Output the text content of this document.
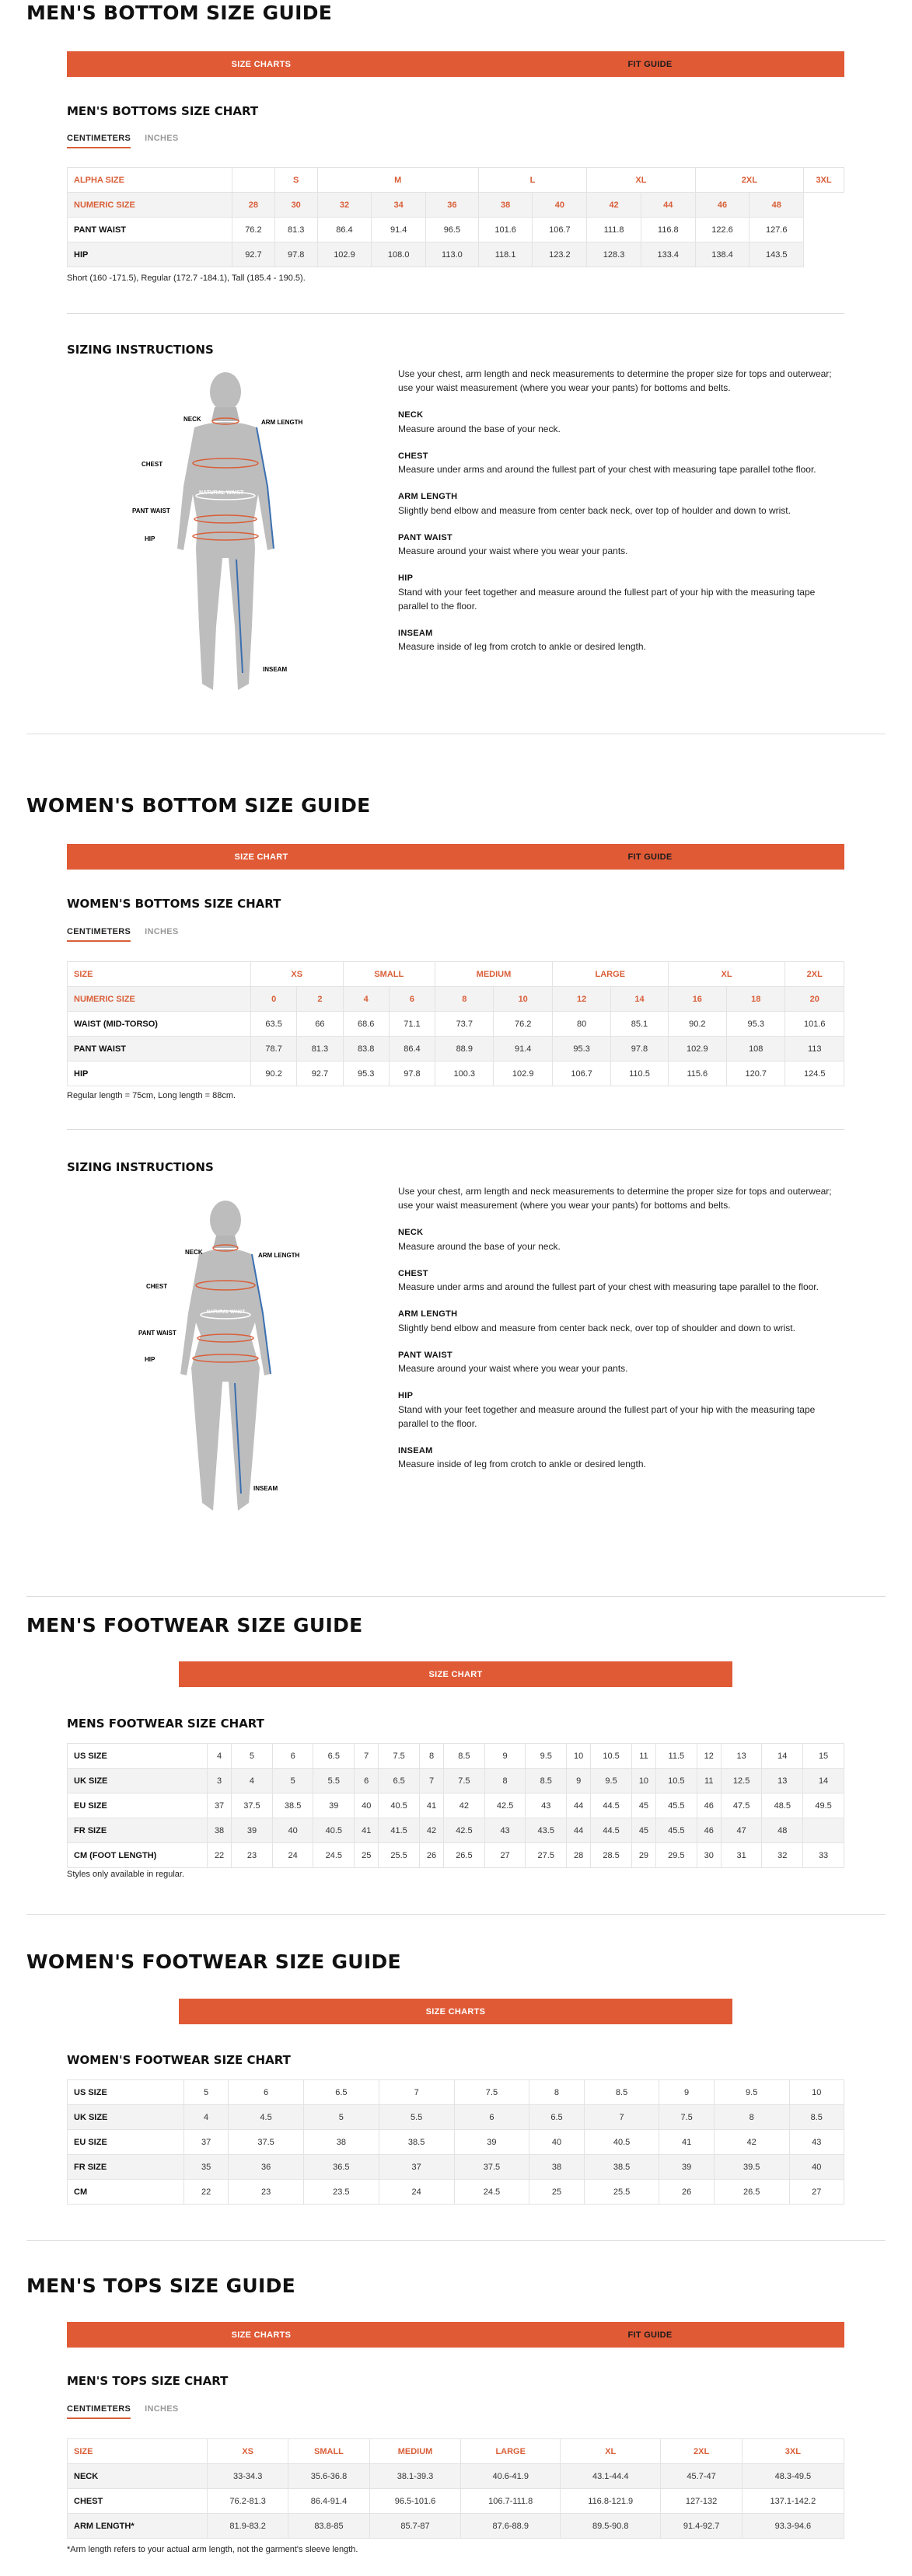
MEN'S BOTTOM SIZE GUIDE
SIZE CHARTS	FIT GUIDE
MEN'S BOTTOMS SIZE CHART
CENTIMETERS INCHES
ALPHA SIZE		S	M			L		XL		2XL		3XL
NUMERIC SIZE	28	30	32	34	36	38	40	42	44	46	48	
PANT WAIST	76.2	81.3	86.4	91.4	96.5	101.6	106.7	111.8	116.8	122.6	127.6	
HIP	92.7	97.8	102.9	108.0	113.0	118.1	123.2	128.3	133.4	138.4	143.5	
Short (160 -171.5), Regular (172.7 -184.1), Tall (185.4 - 190.5).
SIZING INSTRUCTIONS
NECK	ARM LENGTH
CHEST
NATURAL WAIST
PANT WAIST
HIP
INSEAM
Use your chest, arm length and neck measurements to determine the proper size for tops and outerwear; use your waist measurement (where you wear your pants) for bottoms and belts.
NECK
Measure around the base of your neck.
CHEST
Measure under arms and around the fullest part of your chest with measuring tape parallel tothe floor.
ARM LENGTH
Slightly bend elbow and measure from center back neck, over top of houlder and down to wrist.
PANT WAIST
Measure around your waist where you wear your pants.
HIP
Stand with your feet together and measure around the fullest part of your hip with the measuring tape parallel to the floor.
INSEAM
Measure inside of leg from crotch to ankle or desired length.
WOMEN'S BOTTOM SIZE GUIDE
SIZE CHART	FIT GUIDE
WOMEN'S BOTTOMS SIZE CHART
CENTIMETERS INCHES
SIZE	XS		SMALL		MEDIUM		LARGE		XL		2XL
NUMERIC SIZE	0	2	4	6	8	10	12	14	16	18	20
WAIST (MID-TORSO)	63.5	66	68.6	71.1	73.7	76.2	80	85.1	90.2	95.3	101.6
PANT WAIST	78.7	81.3	83.8	86.4	88.9	91.4	95.3	97.8	102.9	108	113
HIP	90.2	92.7	95.3	97.8	100.3	102.9	106.7	110.5	115.6	120.7	124.5
Regular length = 75cm, Long length = 88cm.
SIZING INSTRUCTIONS
NECK	ARM LENGTH
CHEST
NATURAL WAIST
PANT WAIST
HIP
INSEAM
Use your chest, arm length and neck measurements to determine the proper size for tops and outerwear; use your waist measurement (where you wear your pants) for bottoms and belts.
NECK
Measure around the base of your neck.
CHEST
Measure under arms and around the fullest part of your chest with measuring tape parallel to the floor.
ARM LENGTH
Slightly bend elbow and measure from center back neck, over top of shoulder and down to wrist.
PANT WAIST
Measure around your waist where you wear your pants.
HIP
Stand with your feet together and measure around the fullest part of your hip with the measuring tape parallel to the floor.
INSEAM
Measure inside of leg from crotch to ankle or desired length.
MEN'S FOOTWEAR SIZE GUIDE
SIZE CHART
MENS FOOTWEAR SIZE CHART
US SIZE	4	5	6	6.5	7	7.5	8	8.5	9	9.5	10	10.5	11	11.5	12	13	14	15
UK SIZE	3	4	5	5.5	6	6.5	7	7.5	8	8.5	9	9.5	10	10.5	11	12.5	13	14
EU SIZE	37	37.5	38.5	39	40	40.5	41	42	42.5	43	44	44.5	45	45.5	46	47.5	48.5	49.5
FR SIZE	38	39	40	40.5	41	41.5	42	42.5	43	43.5	44	44.5	45	45.5	46	47	48	
CM (FOOT LENGTH)	22	23	24	24.5	25	25.5	26	26.5	27	27.5	28	28.5	29	29.5	30	31	32	33
Styles only available in regular.
WOMEN'S FOOTWEAR SIZE GUIDE
SIZE CHARTS
WOMEN'S FOOTWEAR SIZE CHART
US SIZE	5	6	6.5	7	7.5	8	8.5	9	9.5	10
UK SIZE	4	4.5	5	5.5	6	6.5	7	7.5	8	8.5
EU SIZE	37	37.5	38	38.5	39	40	40.5	41	42	43
FR SIZE	35	36	36.5	37	37.5	38	38.5	39	39.5	40
CM	22	23	23.5	24	24.5	25	25.5	26	26.5	27
MEN'S TOPS SIZE GUIDE
SIZE CHARTS	FIT GUIDE
MEN'S TOPS SIZE CHART
CENTIMETERS INCHES
SIZE	XS	SMALL	MEDIUM	LARGE	XL	2XL	3XL
NECK	33-34.3	35.6-36.8	38.1-39.3	40.6-41.9	43.1-44.4	45.7-47	48.3-49.5
CHEST	76.2-81.3	86.4-91.4	96.5-101.6	106.7-111.8	116.8-121.9	127-132	137.1-142.2
ARM LENGTH*	81.9-83.2	83.8-85	85.7-87	87.6-88.9	89.5-90.8	91.4-92.7	93.3-94.6
*Arm length refers to your actual arm length, not the garment's sleeve length.
